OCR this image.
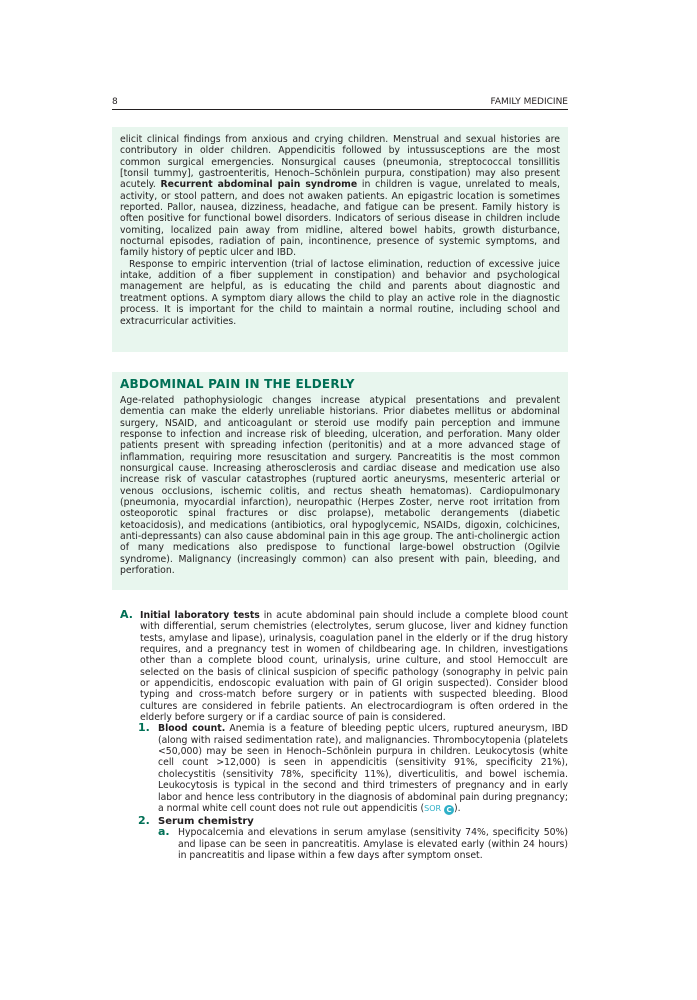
8	FAMILY MEDICINE

elicit clinical findings from anxious and crying children. Menstrual and sexual histories are contributory in older children. Appendicitis followed by intussusceptions are the most common surgical emergencies. Nonsurgical causes (pneumonia, streptococcal tonsillitis [tonsil tummy], gastroenteritis, Henoch–Schönlein purpura, constipation) may also present acutely. Recurrent abdominal pain syndrome in children is vague, unrelated to meals, activity, or stool pattern, and does not awaken patients. An epigastric location is sometimes reported. Pallor, nausea, dizziness, headache, and fatigue can be present. Family history is often positive for functional bowel disorders. Indicators of serious disease in children include vomiting, localized pain away from midline, altered bowel habits, growth disturbance, nocturnal episodes, radiation of pain, incontinence, presence of systemic symptoms, and family history of peptic ulcer and IBD.

Response to empiric intervention (trial of lactose elimination, reduction of excessive juice intake, addition of a fiber supplement in constipation) and behavior and psychological management are helpful, as is educating the child and parents about diagnostic and treatment options. A symptom diary allows the child to play an active role in the diagnostic process. It is important for the child to maintain a normal routine, including school and extracurricular activities.

ABDOMINAL PAIN IN THE ELDERLY

Age-related pathophysiologic changes increase atypical presentations and prevalent dementia can make the elderly unreliable historians. Prior diabetes mellitus or abdominal surgery, NSAID, and anticoagulant or steroid use modify pain perception and immune response to infection and increase risk of bleeding, ulceration, and perforation. Many older patients present with spreading infection (peritonitis) and at a more advanced stage of inflammation, requiring more resuscitation and surgery. Pancreatitis is the most common nonsurgical cause. Increasing atherosclerosis and cardiac disease and medication use also increase risk of vascular catastrophes (ruptured aortic aneurysms, mesenteric arterial or venous occlusions, ischemic colitis, and rectus sheath hematomas). Cardiopulmonary (pneumonia, myocardial infarction), neuropathic (Herpes Zoster, nerve root irritation from osteoporotic spinal fractures or disc prolapse), metabolic derangements (diabetic ketoacidosis), and medications (antibiotics, oral hypoglycemic, NSAIDs, digoxin, colchicines, anti-depressants) can also cause abdominal pain in this age group. The anti-cholinergic action of many medications also predispose to functional large-bowel obstruction (Ogilvie syndrome). Malignancy (increasingly common) can also present with pain, bleeding, and perforation.

A. Initial laboratory tests in acute abdominal pain should include a complete blood count with differential, serum chemistries (electrolytes, serum glucose, liver and kidney function tests, amylase and lipase), urinalysis, coagulation panel in the elderly or if the drug history requires, and a pregnancy test in women of childbearing age. In children, investigations other than a complete blood count, urinalysis, urine culture, and stool Hemoccult are selected on the basis of clinical suspicion of specific pathology (sonography in pelvic pain or appendicitis, endoscopic evaluation with pain of GI origin suspected). Consider blood typing and cross-match before surgery or in patients with suspected bleeding. Blood cultures are considered in febrile patients. An electrocardiogram is often ordered in the elderly before surgery or if a cardiac source of pain is considered.
1. Blood count. Anemia is a feature of bleeding peptic ulcers, ruptured aneurysm, IBD (along with raised sedimentation rate), and malignancies. Thrombocytopenia (platelets <50,000) may be seen in Henoch–Schönlein purpura in children. Leukocytosis (white cell count >12,000) is seen in appendicitis (sensitivity 91%, specificity 21%), cholecystitis (sensitivity 78%, specificity 11%), diverticulitis, and bowel ischemia. Leukocytosis is typical in the second and third trimesters of pregnancy and in early labor and hence less contributory in the diagnosis of abdominal pain during pregnancy; a normal white cell count does not rule out appendicitis (SOR C ).
2. Serum chemistry
a. Hypocalcemia and elevations in serum amylase (sensitivity 74%, specificity 50%) and lipase can be seen in pancreatitis. Amylase is elevated early (within 24 hours) in pancreatitis and lipase within a few days after symptom onset.
